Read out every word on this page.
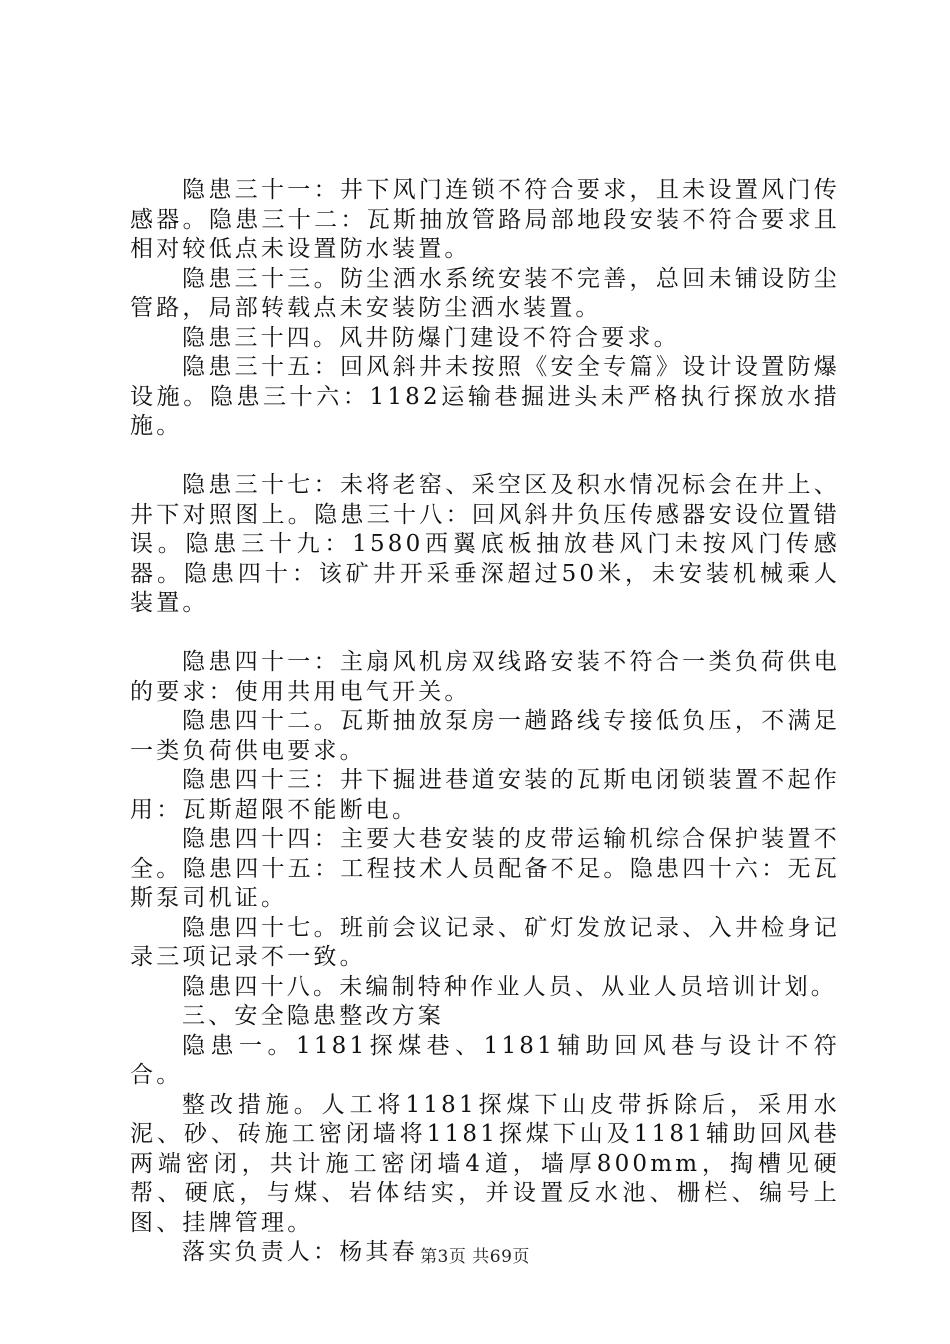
隐患三十一：井下风门连锁不符合要求，且未设置风门传感器。隐患三十二：瓦斯抽放管路局部地段安装不符合要求且相对较低点未设置防水装置。

隐患三十三。防尘洒水系统安装不完善，总回未铺设防尘管路，局部转载点未安装防尘洒水装置。

隐患三十四。风井防爆门建设不符合要求。

隐患三十五：回风斜井未按照《安全专篇》设计设置防爆设施。隐患三十六：1182运输巷掘进头未严格执行探放水措施。

隐患三十七：未将老窑、采空区及积水情况标会在井上、井下对照图上。隐患三十八：回风斜井负压传感器安设位置错误。隐患三十九：1580西翼底板抽放巷风门未按风门传感器。隐患四十：该矿井开采垂深超过50米，未安装机械乘人装置。

隐患四十一：主扇风机房双线路安装不符合一类负荷供电的要求：使用共用电气开关。

隐患四十二。瓦斯抽放泵房一趟路线专接低负压，不满足一类负荷供电要求。

隐患四十三：井下掘进巷道安装的瓦斯电闭锁装置不起作用：瓦斯超限不能断电。

隐患四十四：主要大巷安装的皮带运输机综合保护装置不全。隐患四十五：工程技术人员配备不足。隐患四十六：无瓦斯泵司机证。

隐患四十七。班前会议记录、矿灯发放记录、入井检身记录三项记录不一致。

隐患四十八。未编制特种作业人员、从业人员培训计划。

三、安全隐患整改方案

隐患一。1181探煤巷、1181辅助回风巷与设计不符合。

整改措施。人工将1181探煤下山皮带拆除后，采用水泥、砂、砖施工密闭墙将1181探煤下山及1181辅助回风巷两端密闭，共计施工密闭墙4道，墙厚800mm，掏槽见硬帮、硬底，与煤、岩体结实，并设置反水池、栅栏、编号上图、挂牌管理。

落实负责人：杨其春 第3页 共69页
